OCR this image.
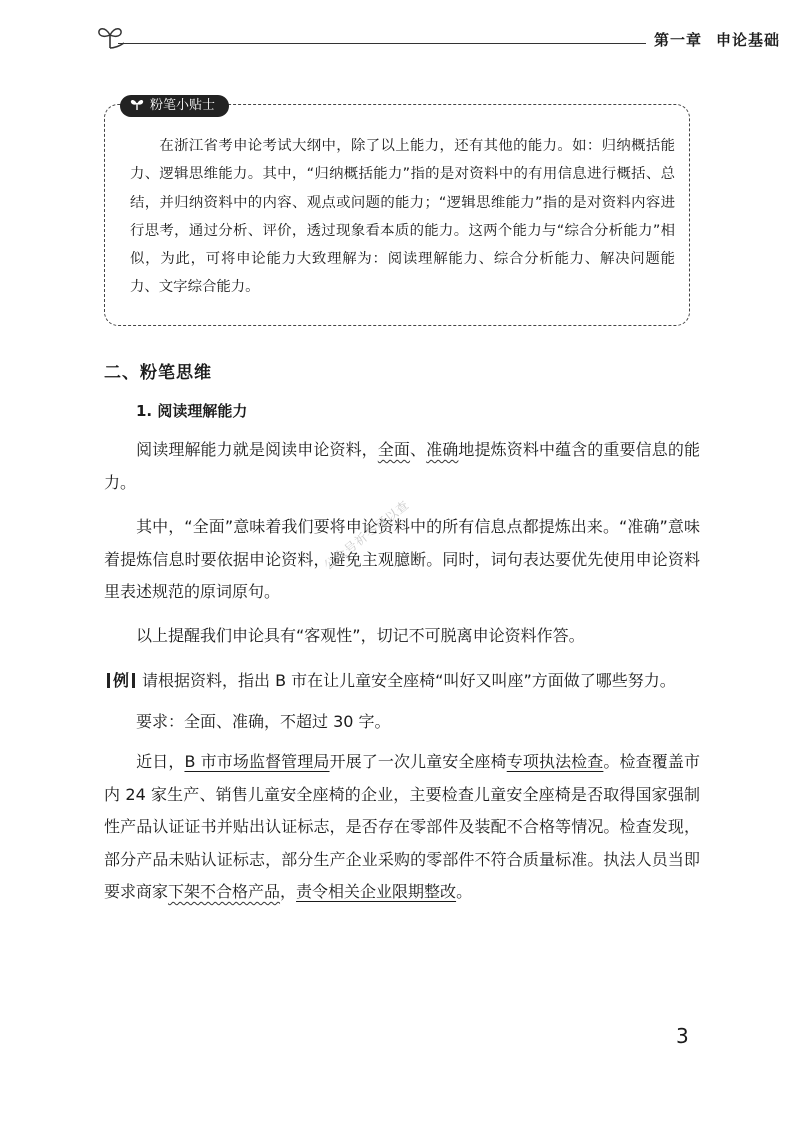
第一章 申论基础
粉笔小贴士
在浙江省考申论考试大纲中，除了以上能力，还有其他的能力。如：归纳概括能力、逻辑思维能力。其中，“归纳概括能力”指的是对资料中的有用信息进行概括、总结，并归纳资料中的内容、观点或问题的能力；“逻辑思维能力”指的是对资料内容进行思考，通过分析、评价，透过现象看本质的能力。这两个能力与“综合分析能力”相似，为此，可将申论能力大致理解为：阅读理解能力、综合分析能力、解决问题能力、文字综合能力。
二、粉笔思维
1. 阅读理解能力
阅读理解能力就是阅读申论资料，全面、准确地提炼资料中蕴含的重要信息的能力。
其中，“全面”意味着我们要将申论资料中的所有信息点都提炼出来。“准确”意味着提炼信息时要依据申论资料，避免主观臆断。同时，词句表达要优先使用申论资料里表述规范的原词原句。
以上提醒我们申论具有“客观性”，切记不可脱离申论资料作答。
例 请根据资料，指出 B 市在让儿童安全座椅“叫好又叫座”方面做了哪些努力。
要求：全面、准确，不超过 30 字。
近日，B 市市场监督管理局开展了一次儿童安全座椅专项执法检查。检查覆盖市内 24 家生产、销售儿童安全座椅的企业，主要检查儿童安全座椅是否取得国家强制性产品认证证书并贴出认证标志，是否存在零部件及装配不合格等情况。检查发现，部分产品未贴认证标志，部分生产企业采购的零部件不符合质量标准。执法人员当即要求商家下架不合格产品，责令相关企业限期整改。
公众号祈冬可以查
3
